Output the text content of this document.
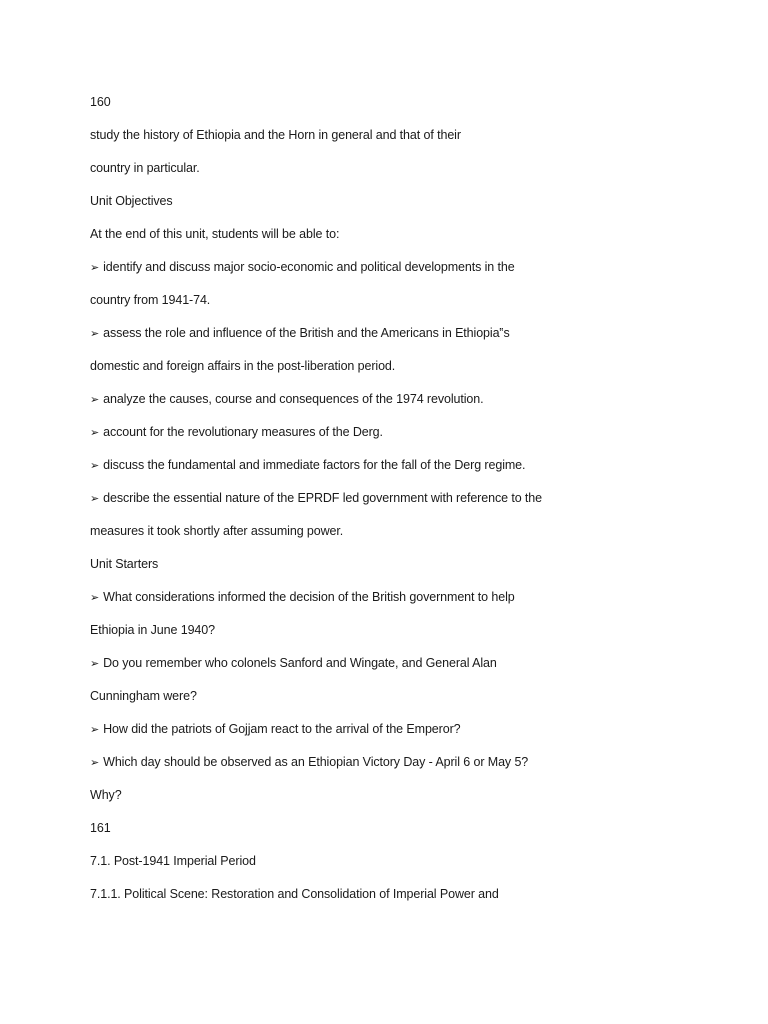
160
study the history of Ethiopia and the Horn in general and that of their
country in particular.
Unit Objectives
At the end of this unit, students will be able to:
➢ identify and discuss major socio-economic and political developments in the
country from 1941-74.
➢ assess the role and influence of the British and the Americans in Ethiopia‟s
domestic and foreign affairs in the post-liberation period.
➢ analyze the causes, course and consequences of the 1974 revolution.
➢ account for the revolutionary measures of the Derg.
➢ discuss the fundamental and immediate factors for the fall of the Derg regime.
➢ describe the essential nature of the EPRDF led government with reference to the
measures it took shortly after assuming power.
Unit Starters
➢ What considerations informed the decision of the British government to help
Ethiopia in June 1940?
➢ Do you remember who colonels Sanford and Wingate, and General Alan
Cunningham were?
➢ How did the patriots of Gojjam react to the arrival of the Emperor?
➢ Which day should be observed as an Ethiopian Victory Day - April 6 or May 5?
Why?
161
7.1. Post-1941 Imperial Period
7.1.1. Political Scene: Restoration and Consolidation of Imperial Power and
